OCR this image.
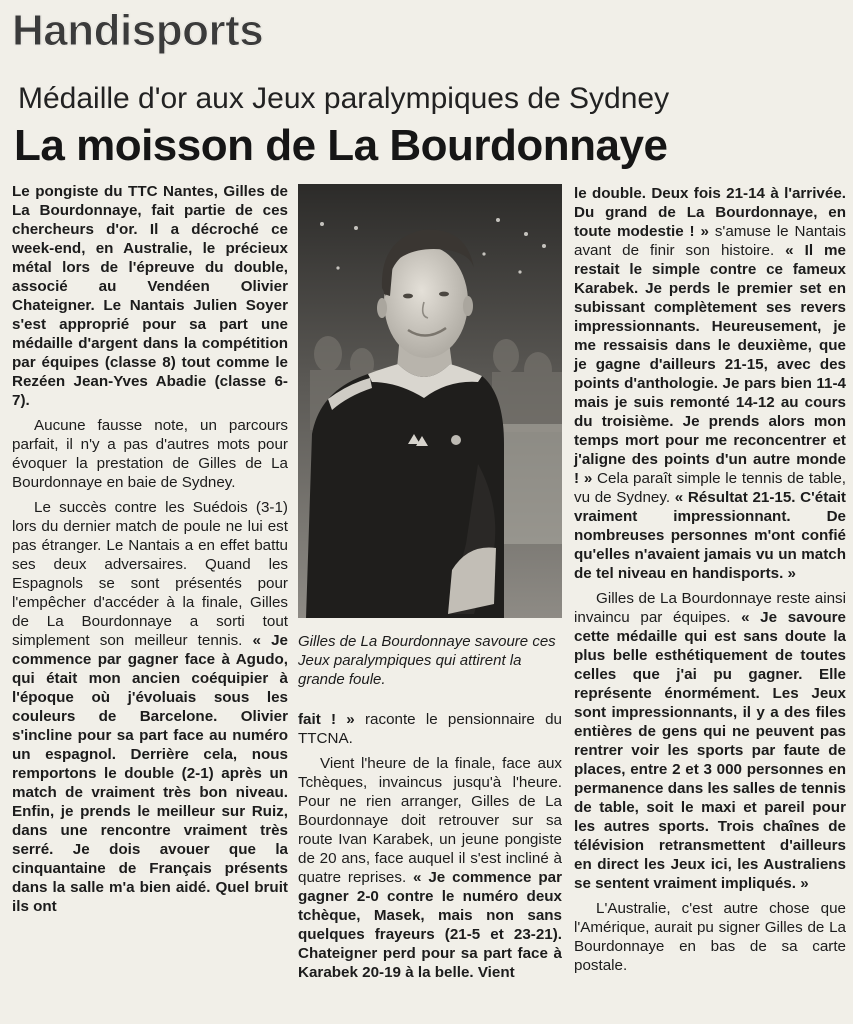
Handisports
Médaille d'or aux Jeux paralympiques de Sydney
La moisson de La Bourdonnaye

Le pongiste du TTC Nantes, Gilles de La Bourdonnaye, fait partie de ces chercheurs d'or. Il a décroché ce week-end, en Australie, le précieux métal lors de l'épreuve du double, associé au Vendéen Olivier Chateigner. Le Nantais Julien Soyer s'est approprié pour sa part une médaille d'argent dans la compétition par équipes (classe 8) tout comme le Rezéen Jean-Yves Abadie (classe 6-7).

Aucune fausse note, un parcours parfait, il n'y a pas d'autres mots pour évoquer la prestation de Gilles de La Bourdonnaye en baie de Sydney.

Le succès contre les Suédois (3-1) lors du dernier match de poule ne lui est pas étranger. Le Nantais a en effet battu ses deux adversaires. Quand les Espagnols se sont présentés pour l'empêcher d'accéder à la finale, Gilles de La Bourdonnaye a sorti tout simplement son meilleur tennis. « Je commence par gagner face à Agudo, qui était mon ancien coéquipier à l'époque où j'évoluais sous les couleurs de Barcelone. Olivier s'incline pour sa part face au numéro un espagnol. Derrière cela, nous remportons le double (2-1) après un match de vraiment très bon niveau. Enfin, je prends le meilleur sur Ruiz, dans une rencontre vraiment très serré. Je dois avouer que la cinquantaine de Français présents dans la salle m'a bien aidé. Quel bruit ils ont

Gilles de La Bourdonnaye savoure ces Jeux paralympiques qui attirent la grande foule.

fait ! » raconte le pensionnaire du TTCNA.

Vient l'heure de la finale, face aux Tchèques, invaincus jusqu'à l'heure. Pour ne rien arranger, Gilles de La Bourdonnaye doit retrouver sur sa route Ivan Karabek, un jeune pongiste de 20 ans, face auquel il s'est incliné à quatre reprises. « Je commence par gagner 2-0 contre le numéro deux tchèque, Masek, mais non sans quelques frayeurs (21-5 et 23-21). Chateigner perd pour sa part face à Karabek 20-19 à la belle. Vient

le double. Deux fois 21-14 à l'arrivée. Du grand de La Bourdonnaye, en toute modestie ! » s'amuse le Nantais avant de finir son histoire. « Il me restait le simple contre ce fameux Karabek. Je perds le premier set en subissant complètement ses revers impressionnants. Heureusement, je me ressaisis dans le deuxième, que je gagne d'ailleurs 21-15, avec des points d'anthologie. Je pars bien 11-4 mais je suis remonté 14-12 au cours du troisième. Je prends alors mon temps mort pour me reconcentrer et j'aligne des points d'un autre monde ! » Cela paraît simple le tennis de table, vu de Sydney. « Résultat 21-15. C'était vraiment impressionnant. De nombreuses personnes m'ont confié qu'elles n'avaient jamais vu un match de tel niveau en handisports. »

Gilles de La Bourdonnaye reste ainsi invaincu par équipes. « Je savoure cette médaille qui est sans doute la plus belle esthétiquement de toutes celles que j'ai pu gagner. Elle représente énormément. Les Jeux sont impressionnants, il y a des files entières de gens qui ne peuvent pas rentrer voir les sports par faute de places, entre 2 et 3 000 personnes en permanence dans les salles de tennis de table, soit le maxi et pareil pour les autres sports. Trois chaînes de télévision retransmettent d'ailleurs en direct les Jeux ici, les Australiens se sentent vraiment impliqués. »

L'Australie, c'est autre chose que l'Amérique, aurait pu signer Gilles de La Bourdonnaye en bas de sa carte postale.
